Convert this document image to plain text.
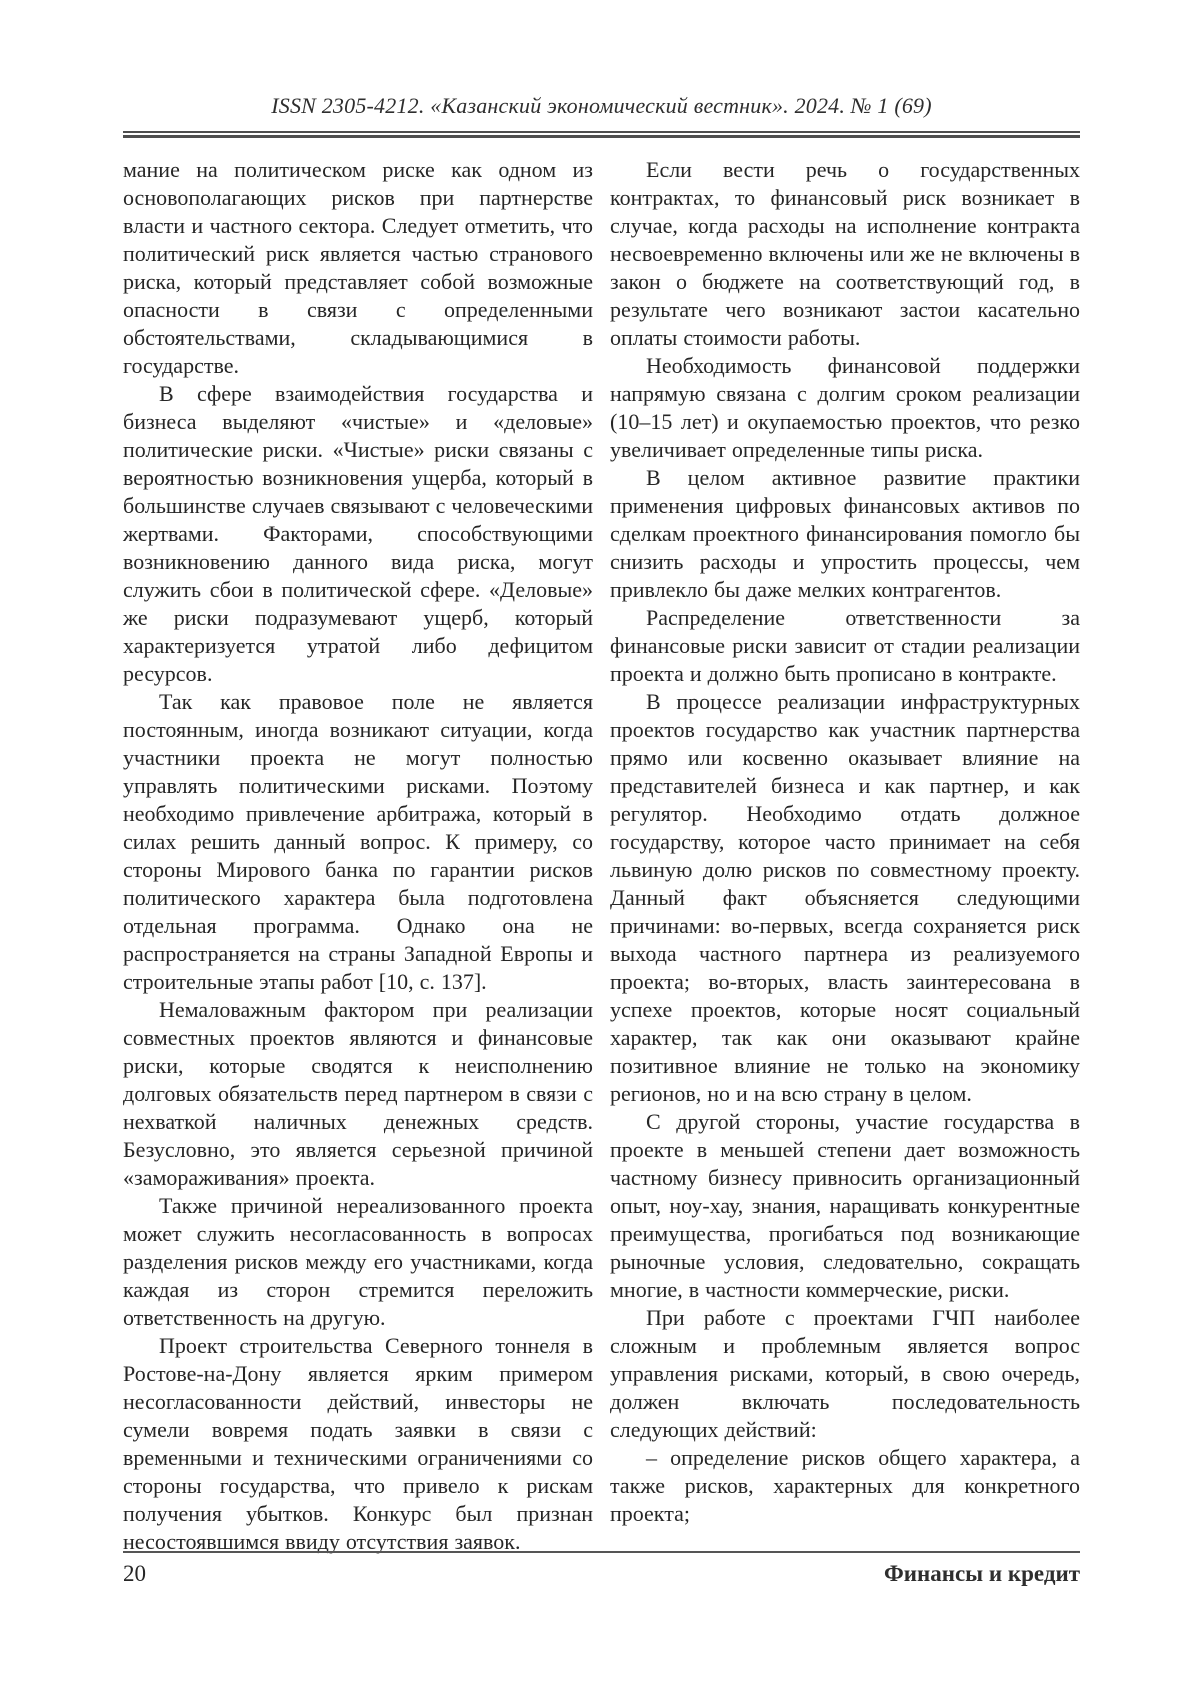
ISSN 2305-4212. «Казанский экономический вестник». 2024. № 1 (69)

мание на политическом риске как одном из основополагающих рисков при партнерстве власти и частного сектора. Следует отметить, что политический риск является частью странового риска, который представляет собой возможные опасности в связи с определенными обстоятельствами, складывающимися в государстве.

В сфере взаимодействия государства и бизнеса выделяют «чистые» и «деловые» политические риски. «Чистые» риски связаны с вероятностью возникновения ущерба, который в большинстве случаев связывают с человеческими жертвами. Факторами, способствующими возникновению данного вида риска, могут служить сбои в политической сфере. «Деловые» же риски подразумевают ущерб, который характеризуется утратой либо дефицитом ресурсов.

Так как правовое поле не является постоянным, иногда возникают ситуации, когда участники проекта не могут полностью управлять политическими рисками. Поэтому необходимо привлечение арбитража, который в силах решить данный вопрос. К примеру, со стороны Мирового банка по гарантии рисков политического характера была подготовлена отдельная программа. Однако она не распространяется на страны Западной Европы и строительные этапы работ [10, с. 137].

Немаловажным фактором при реализации совместных проектов являются и финансовые риски, которые сводятся к неисполнению долговых обязательств перед партнером в связи с нехваткой наличных денежных средств. Безусловно, это является серьезной причиной «замораживания» проекта.

Также причиной нереализованного проекта может служить несогласованность в вопросах разделения рисков между его участниками, когда каждая из сторон стремится переложить ответственность на другую.

Проект строительства Северного тоннеля в Ростове-на-Дону является ярким примером несогласованности действий, инвесторы не сумели вовремя подать заявки в связи с временными и техническими ограничениями со стороны государства, что привело к рискам получения убытков. Конкурс был признан несостоявшимся ввиду отсутствия заявок.

Если вести речь о государственных контрактах, то финансовый риск возникает в случае, когда расходы на исполнение контракта несвоевременно включены или же не включены в закон о бюджете на соответствующий год, в результате чего возникают застои касательно оплаты стоимости работы.

Необходимость финансовой поддержки напрямую связана с долгим сроком реализации (10–15 лет) и окупаемостью проектов, что резко увеличивает определенные типы риска.

В целом активное развитие практики применения цифровых финансовых активов по сделкам проектного финансирования помогло бы снизить расходы и упростить процессы, чем привлекло бы даже мелких контрагентов.

Распределение ответственности за финансовые риски зависит от стадии реализации проекта и должно быть прописано в контракте.

В процессе реализации инфраструктурных проектов государство как участник партнерства прямо или косвенно оказывает влияние на представителей бизнеса и как партнер, и как регулятор. Необходимо отдать должное государству, которое часто принимает на себя львиную долю рисков по совместному проекту. Данный факт объясняется следующими причинами: во-первых, всегда сохраняется риск выхода частного партнера из реализуемого проекта; во-вторых, власть заинтересована в успехе проектов, которые носят социальный характер, так как они оказывают крайне позитивное влияние не только на экономику регионов, но и на всю страну в целом.

С другой стороны, участие государства в проекте в меньшей степени дает возможность частному бизнесу привносить организационный опыт, ноу-хау, знания, наращивать конкурентные преимущества, прогибаться под возникающие рыночные условия, следовательно, сокращать многие, в частности коммерческие, риски.

При работе с проектами ГЧП наиболее сложным и проблемным является вопрос управления рисками, который, в свою очередь, должен включать последовательность следующих действий:

– определение рисков общего характера, а также рисков, характерных для конкретного проекта;

20	Финансы и кредит
